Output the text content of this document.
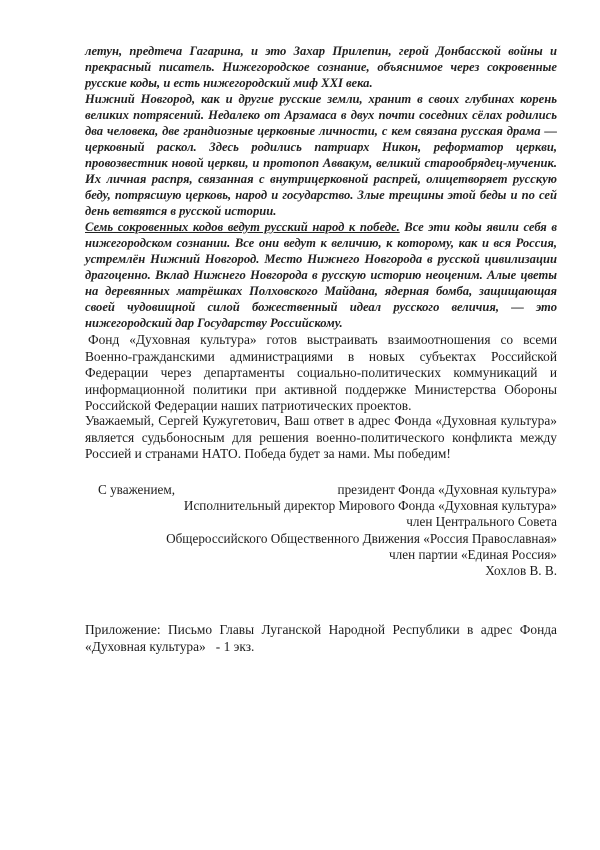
летун, предтеча Гагарина, и это Захар Прилепин, герой Донбасской войны и прекрасный писатель. Нижегородское сознание, объяснимое через сокровенные русские коды, и есть нижегородский миф XXI века.

Нижний Новгород, как и другие русские земли, хранит в своих глубинах корень великих потрясений. Недалеко от Арзамаса в двух почти соседних сёлах родились два человека, две грандиозные церковные личности, с кем связана русская драма — церковный раскол. Здесь родились патриарх Никон, реформатор церкви, провозвестник новой церкви, и протопоп Аввакум, великий старообрядец-мученик. Их личная распря, связанная с внутрицерковной распрей, олицетворяет русскую беду, потрясшую церковь, народ и государство. Злые трещины этой беды и по сей день ветвятся в русской истории.

Семь сокровенных кодов ведут русский народ к победе. Все эти коды явили себя в нижегородском сознании. Все они ведут к величию, к которому, как и вся Россия, устремлён Нижний Новгород. Место Нижнего Новгорода в русской цивилизации драгоценно. Вклад Нижнего Новгорода в русскую историю неоценим. Алые цветы на деревянных матрёшках Полховского Майдана, ядерная бомба, защищающая своей чудовищной силой божественный идеал русского величия, — это нижегородский дар Государству Российскому.

Фонд «Духовная культура» готов выстраивать взаимоотношения со всеми Военно-гражданскими администрациями в новых субъектах Российской Федерации через департаменты социально-политических коммуникаций и информационной политики при активной поддержке Министерства Обороны Российской Федерации наших патриотических проектов.

Уважаемый, Сергей Кужугетович, Ваш ответ в адрес Фонда «Духовная культура» является судьбоносным для решения военно-политического конфликта между Россией и странами НАТО. Победа будет за нами. Мы победим!

С уважением,	президент Фонда «Духовная культура»
Исполнительный директор Мирового Фонда «Духовная культура»
член Центрального Совета
Общероссийского Общественного Движения «Россия Православная»
член партии «Единая Россия»
Хохлов В. В.

Приложение: Письмо Главы Луганской Народной Республики в адрес Фонда «Духовная культура»   - 1 экз.
